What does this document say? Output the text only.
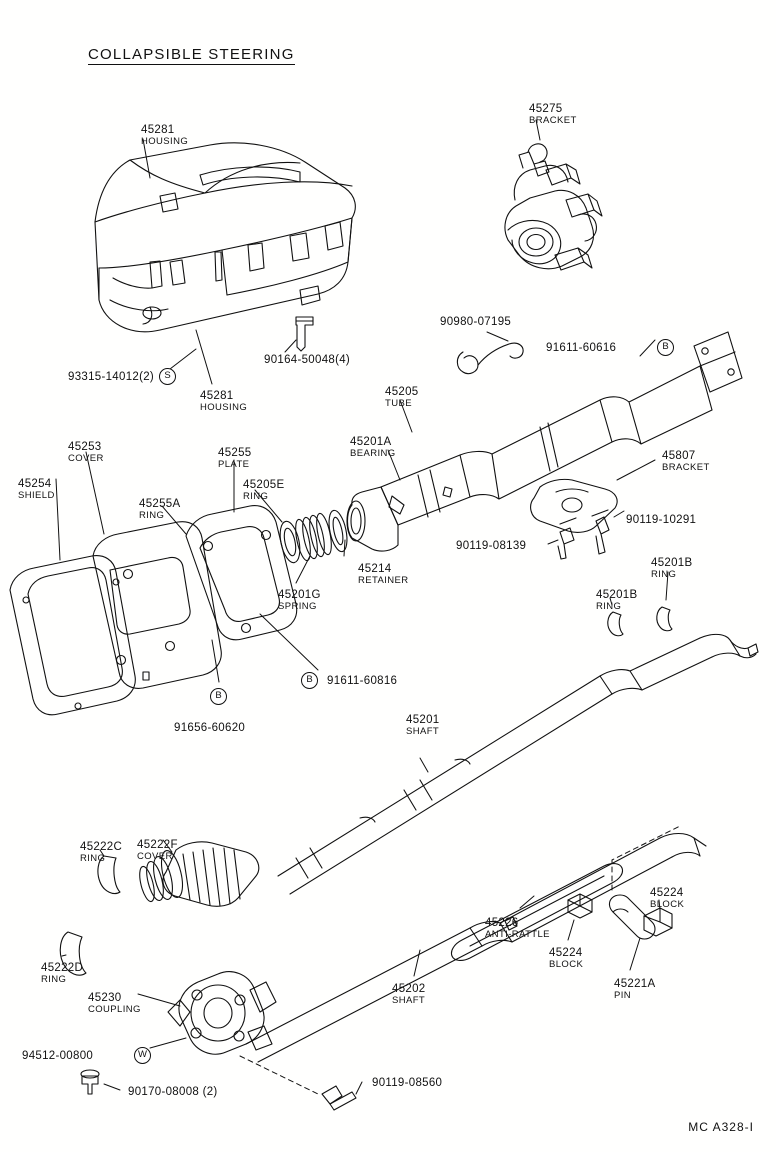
COLLAPSIBLE STEERING
45281
HOUSING
45275
BRACKET
90164-50048(4)
93315-14012(2)
45281
HOUSING
90980-07195
91611-60616
45205
TUBE
45201A
BEARING	45807
BRACKET
90119-10291
90119-08139
45253
COVER
45254
SHIELD
45255
PLATE
45255A
RING
45205E
RING
45214
RETAINER
45201G
SPRING
45201B
RING
45201B
RING
91611-60816
91656-60620
45201
SHAFT
45222F
COVER
45222C
RING
45222D
RING
45230
COUPLING
45226
ANTI-RATTLE
45224
BLOCK
45224
BLOCK
45221A
PIN
45202
SHAFT
94512-00800
90170-08008 (2)
90119-08560
S
B
B
B
W
MC A328-I
